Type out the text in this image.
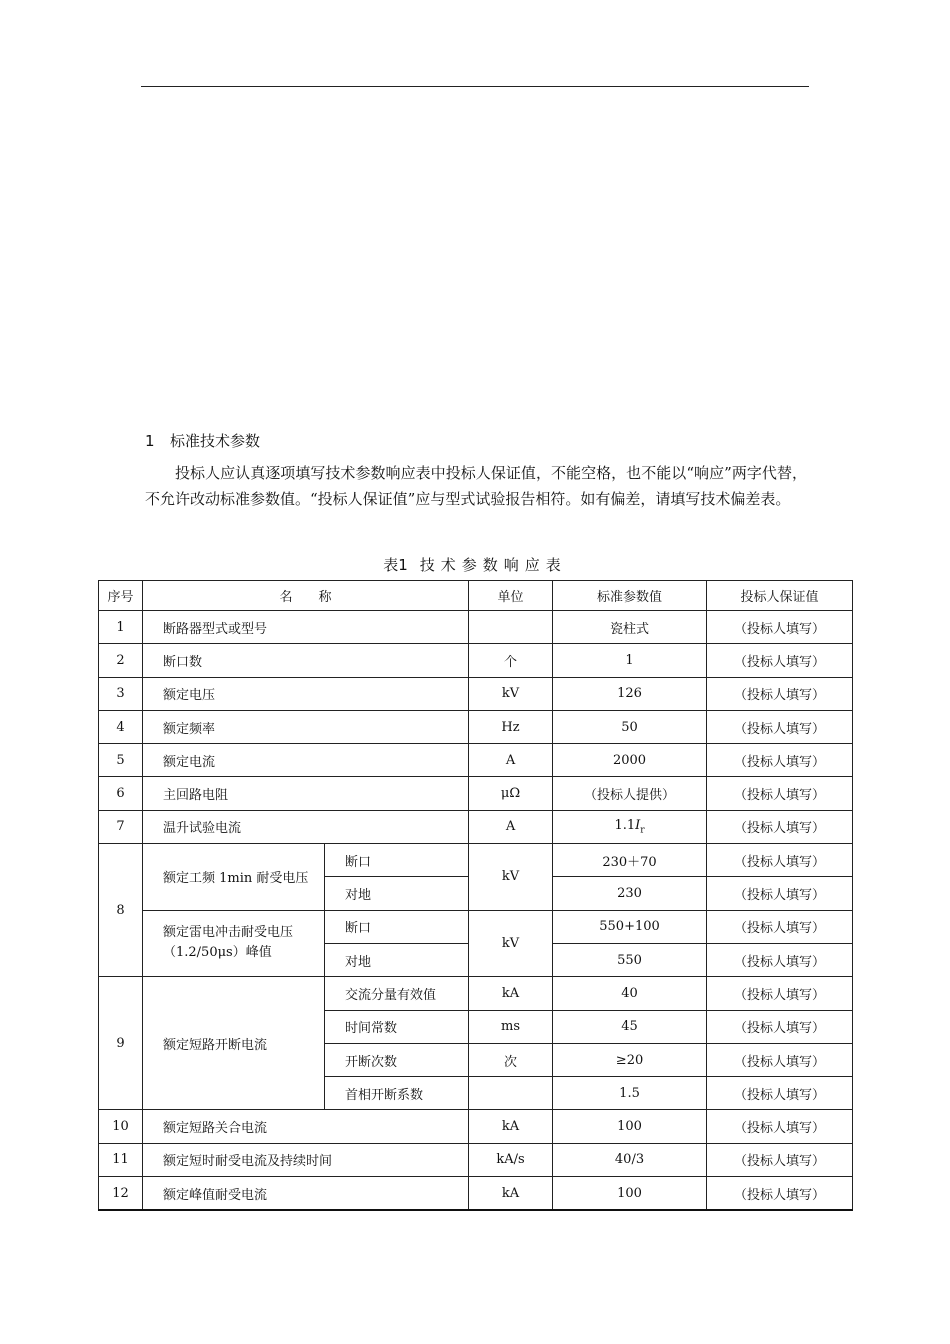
1 标准技术参数

投标人应认真逐项填写技术参数响应表中投标人保证值，不能空格，也不能以“响应”两字代替，不允许改动标准参数值。“投标人保证值”应与型式试验报告相符。如有偏差，请填写技术偏差表。

表1 技术参数响应表
序号	名　　称		单位	标准参数值	投标人保证值
1	断路器型式或型号			瓷柱式	（投标人填写）
2	断口数		个	1	（投标人填写）
3	额定电压		kV	126	（投标人填写）
4	额定频率		Hz	50	（投标人填写）
5	额定电流		A	2000	（投标人填写）
6	主回路电阻		μΩ	（投标人提供）	（投标人填写）
7	温升试验电流		A	$1.1I_r$	（投标人填写）
8	额定工频 1min 耐受电压	断口	kV	230＋70	（投标人填写）
		对地		230	（投标人填写）

	额定雷电冲击耐受电压（1.2/50μs）峰值	断口	kV	550+100	（投标人填写）
		对地		550	（投标人填写）
9	额定短路开断电流	交流分量有效值	kA	40	（投标人填写）
		时间常数	ms	45	（投标人填写）
		开断次数	次	≥20	（投标人填写）
		首相开断系数		1.5	（投标人填写）
10	额定短路关合电流		kA	100	（投标人填写）
11	额定短时耐受电流及持续时间		kA/s	40/3	（投标人填写）
12	额定峰值耐受电流		kA	100	（投标人填写）
